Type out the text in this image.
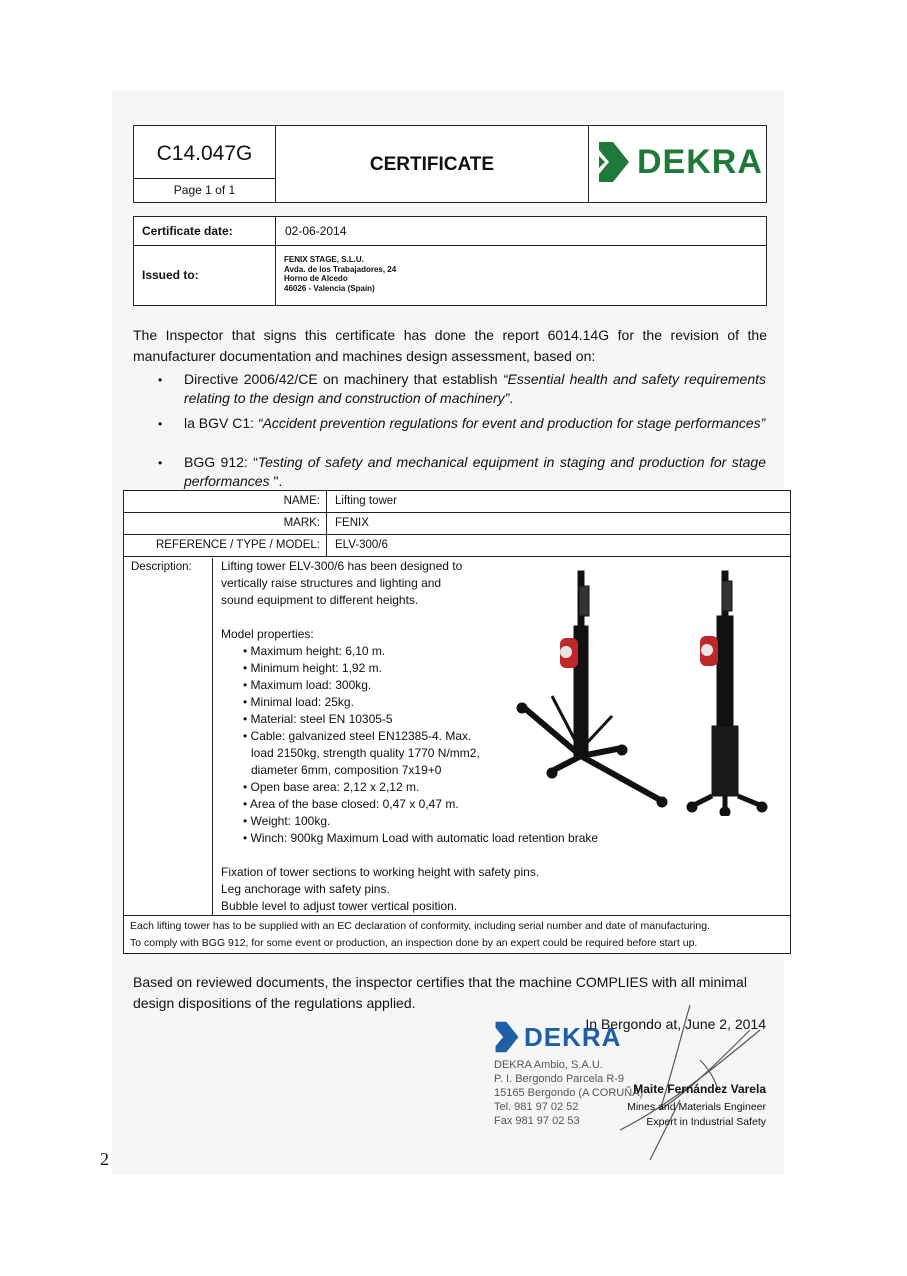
C14.047G
Page 1 of 1
CERTIFICATE	DEKRA
Certificate date:	02-06-2014
Issued to:
FENIX STAGE, S.L.U.
Avda. de los Trabajadores, 24
Horno de Alcedo
46026 - Valencia (Spain)
The Inspector that signs this certificate has done the report 6014.14G for the revision of the manufacturer documentation and machines design assessment, based on:
• Directive 2006/42/CE on machinery that establish “Essential health and safety requirements relating to the design and construction of machinery”.
• la BGV C1: “Accident prevention regulations for event and production for stage performances”
• BGG 912: “Testing of safety and mechanical equipment in staging and production for stage performances ".
NAME:	Lifting tower
MARK:	FENIX
REFERENCE / TYPE / MODEL:	ELV-300/6
Description:	Lifting tower ELV-300/6 has been designed to
vertically raise structures and lighting and
sound equipment to different heights.
Model properties:
• Maximum height: 6,10 m.
• Minimum height: 1,92 m.
• Maximum load: 300kg.
• Minimal load: 25kg.
• Material: steel EN 10305-5
• Cable: galvanized steel EN12385-4. Max.
load 2150kg, strength quality 1770 N/mm2,
diameter 6mm, composition 7x19+0
• Open base area: 2,12 x 2,12 m.
• Area of the base closed: 0,47 x 0,47 m.
• Weight: 100kg.
• Winch: 900kg Maximum Load with automatic load retention brake
Fixation of tower sections to working height with safety pins.
Leg anchorage with safety pins.
Bubble level to adjust tower vertical position.
Each lifting tower has to be supplied with an EC declaration of conformity, including serial number and date of manufacturing.
To comply with BGG 912, for some event or production, an inspection done by an expert could be required before start up.
Based on reviewed documents, the inspector certifies that the machine COMPLIES with all minimal design dispositions of the regulations applied.
DEKRA
DEKRA Ambio, S.A.U.
P. I. Bergondo Parcela R-9
15165 Bergondo (A CORUÑA)
Tel. 981 97 02 52
Fax 981 97 02 53
In Bergondo at, June 2, 2014
Maite Fernández Varela
Mines and Materials Engineer
Expert in Industrial Safety
2
